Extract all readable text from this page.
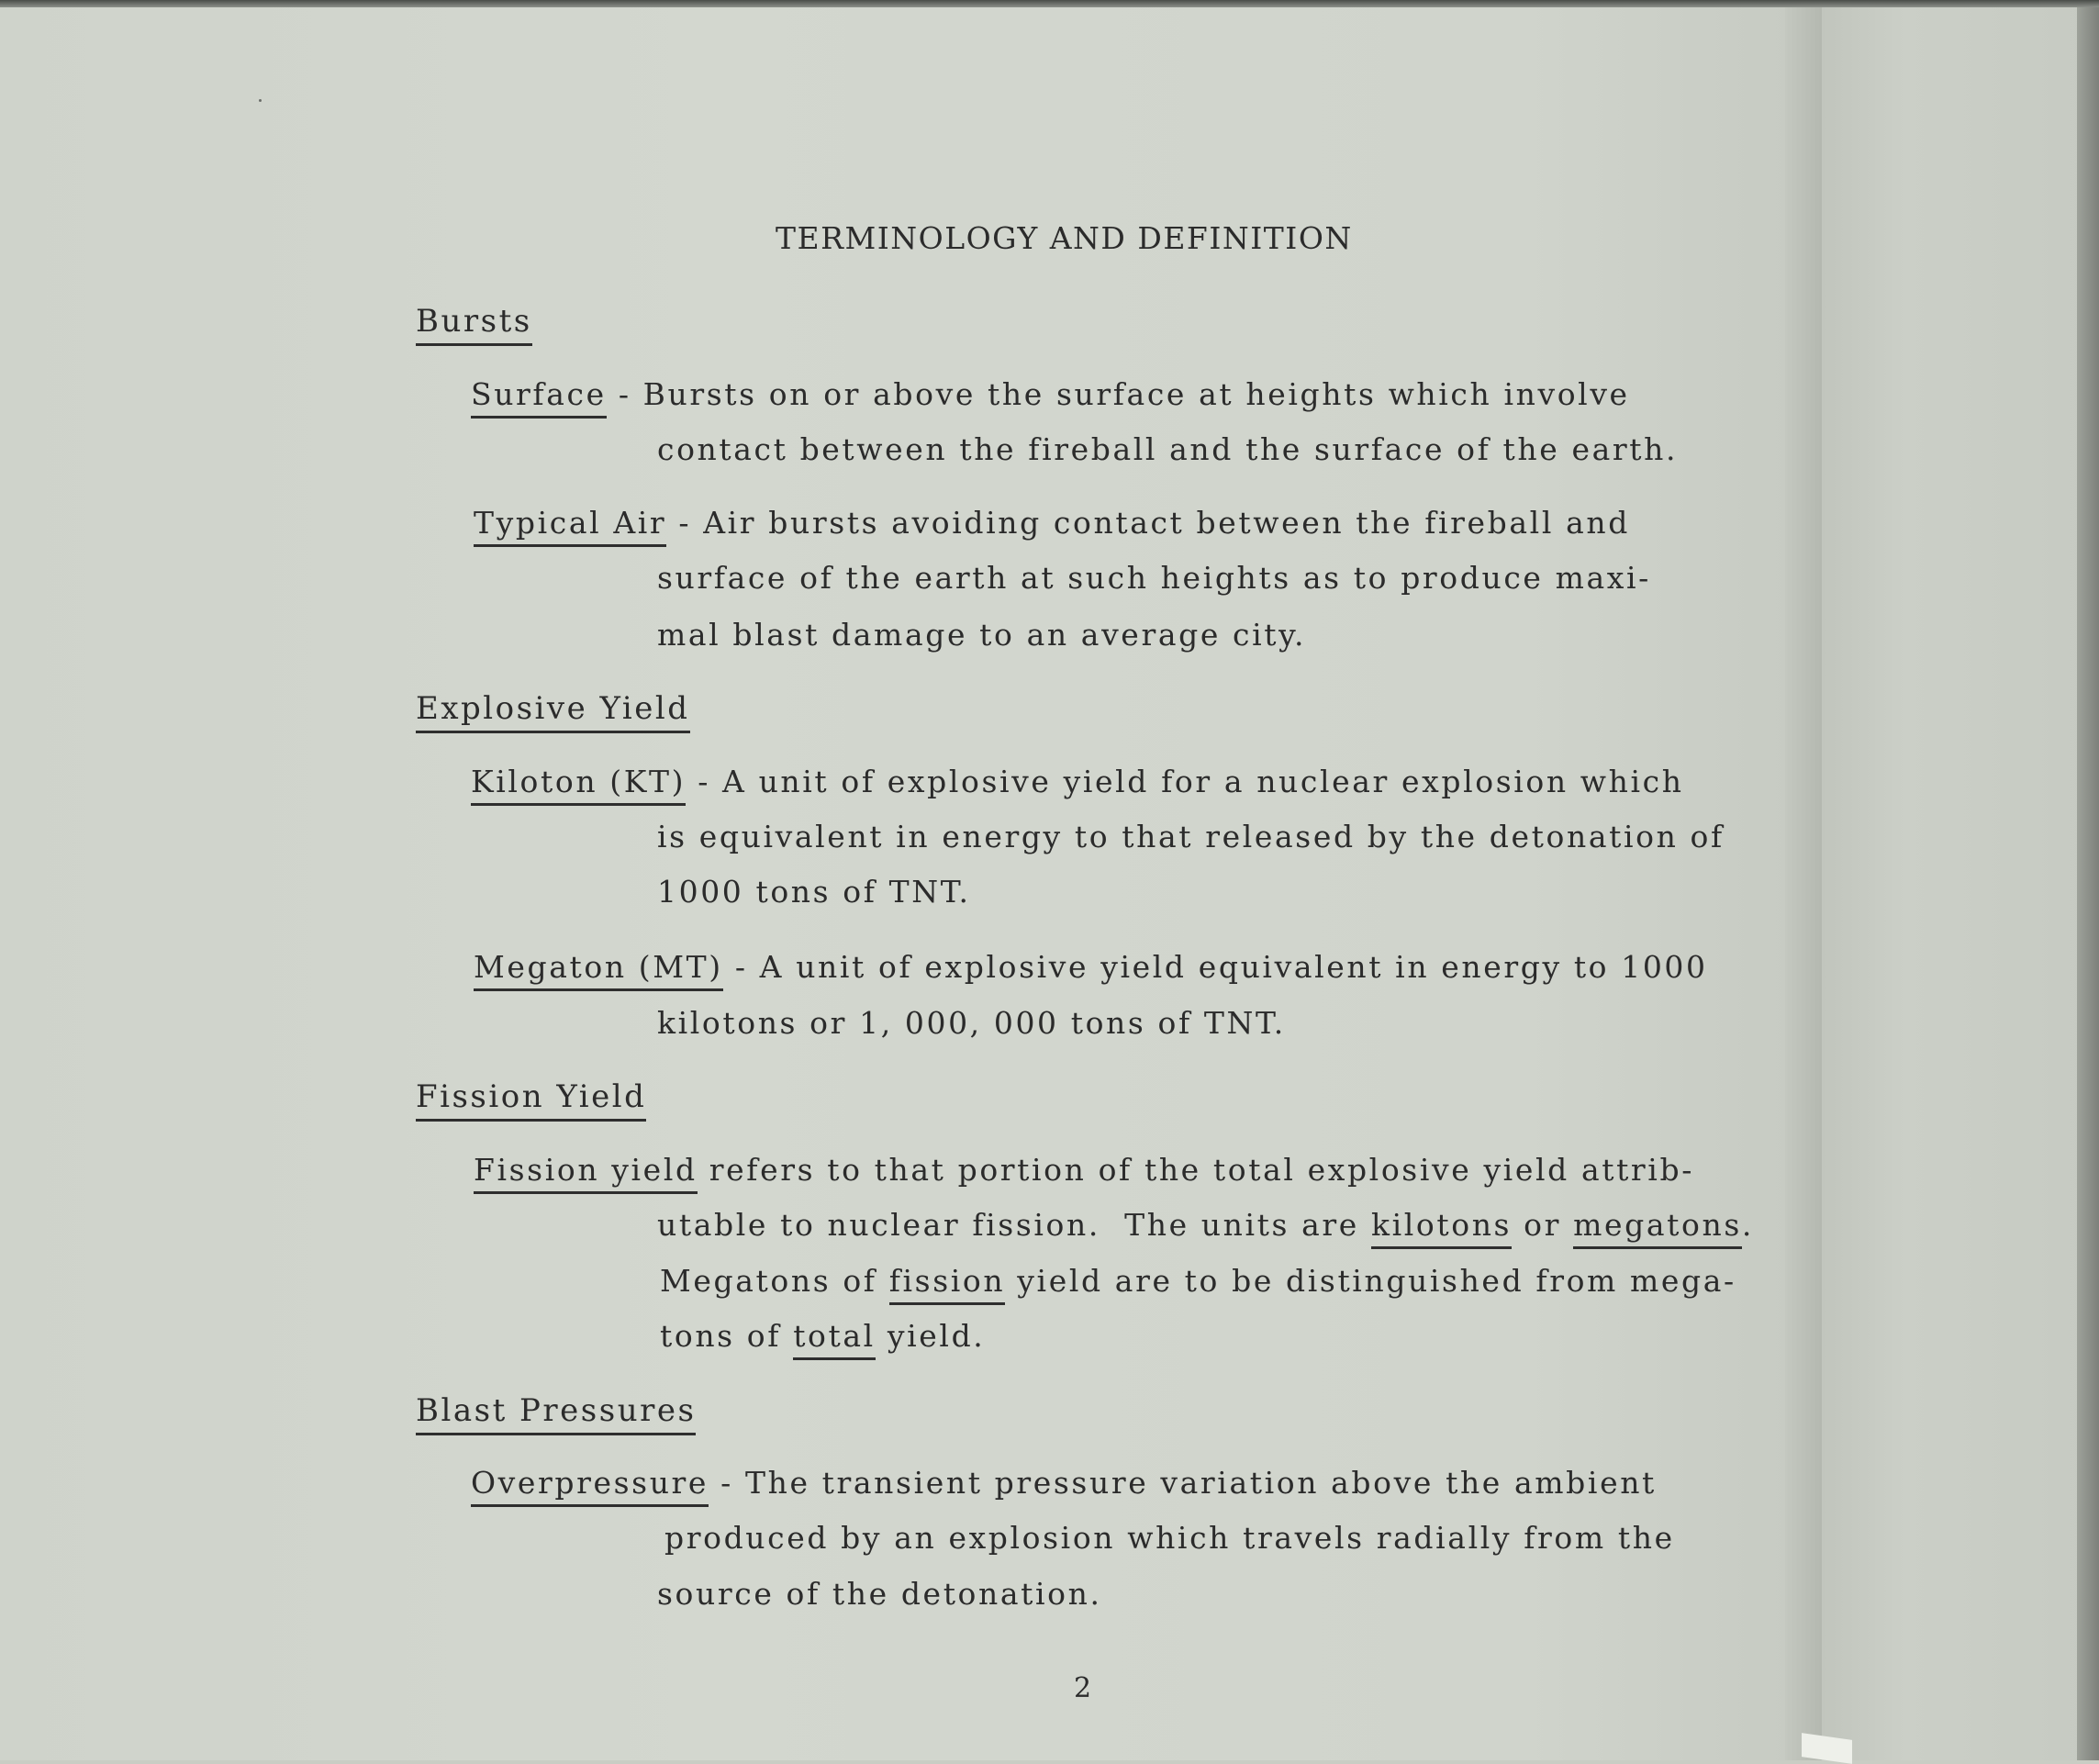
TERMINOLOGY AND DEFINITION
Bursts
Surface - Bursts on or above the surface at heights which involve
contact between the fireball and the surface of the earth.
Typical Air - Air bursts avoiding contact between the fireball and
surface of the earth at such heights as to produce maxi-
mal blast damage to an average city.
Explosive Yield
Kiloton (KT) - A unit of explosive yield for a nuclear explosion which
is equivalent in energy to that released by the detonation of
1000 tons of TNT.
Megaton (MT) - A unit of explosive yield equivalent in energy to 1000
kilotons or 1, 000, 000 tons of TNT.
Fission Yield
Fission yield refers to that portion of the total explosive yield attrib-
utable to nuclear fission.  The units are kilotons or megatons.
Megatons of fission yield are to be distinguished from mega-
tons of total yield.
Blast Pressures
Overpressure - The transient pressure variation above the ambient
produced by an explosion which travels radially from the
source of the detonation.
2
